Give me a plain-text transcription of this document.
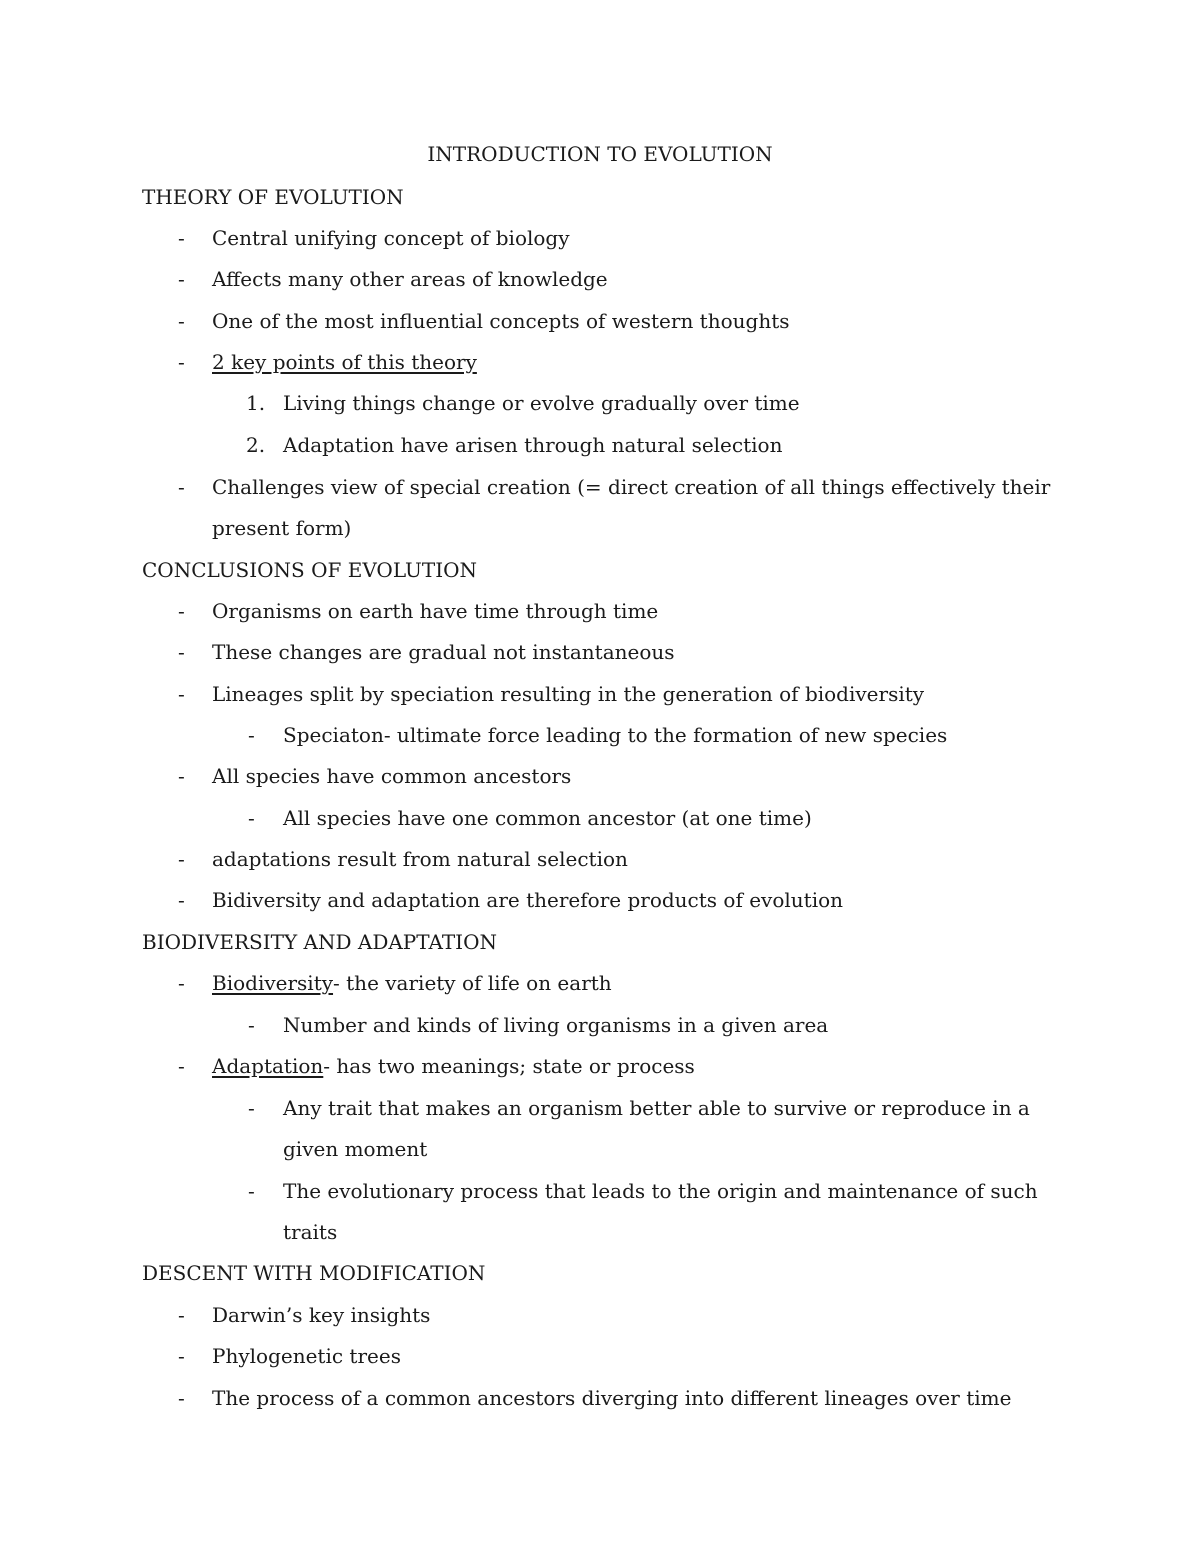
INTRODUCTION TO EVOLUTION
THEORY OF EVOLUTION
- Central unifying concept of biology
- Affects many other areas of knowledge
- One of the most influential concepts of western thoughts
- 2 key points of this theory
1. Living things change or evolve gradually over time
2. Adaptation have arisen through natural selection
- Challenges view of special creation (= direct creation of all things effectively their
present form)
CONCLUSIONS OF EVOLUTION
- Organisms on earth have time through time
- These changes are gradual not instantaneous
- Lineages split by speciation resulting in the generation of biodiversity
- Speciaton- ultimate force leading to the formation of new species
- All species have common ancestors
- All species have one common ancestor (at one time)
- adaptations result from natural selection
- Bidiversity and adaptation are therefore products of evolution
BIODIVERSITY AND ADAPTATION
- Biodiversity- the variety of life on earth
- Number and kinds of living organisms in a given area
- Adaptation- has two meanings; state or process
- Any trait that makes an organism better able to survive or reproduce in a
given moment
- The evolutionary process that leads to the origin and maintenance of such
traits
DESCENT WITH MODIFICATION
- Darwin’s key insights
- Phylogenetic trees
- The process of a common ancestors diverging into different lineages over time
